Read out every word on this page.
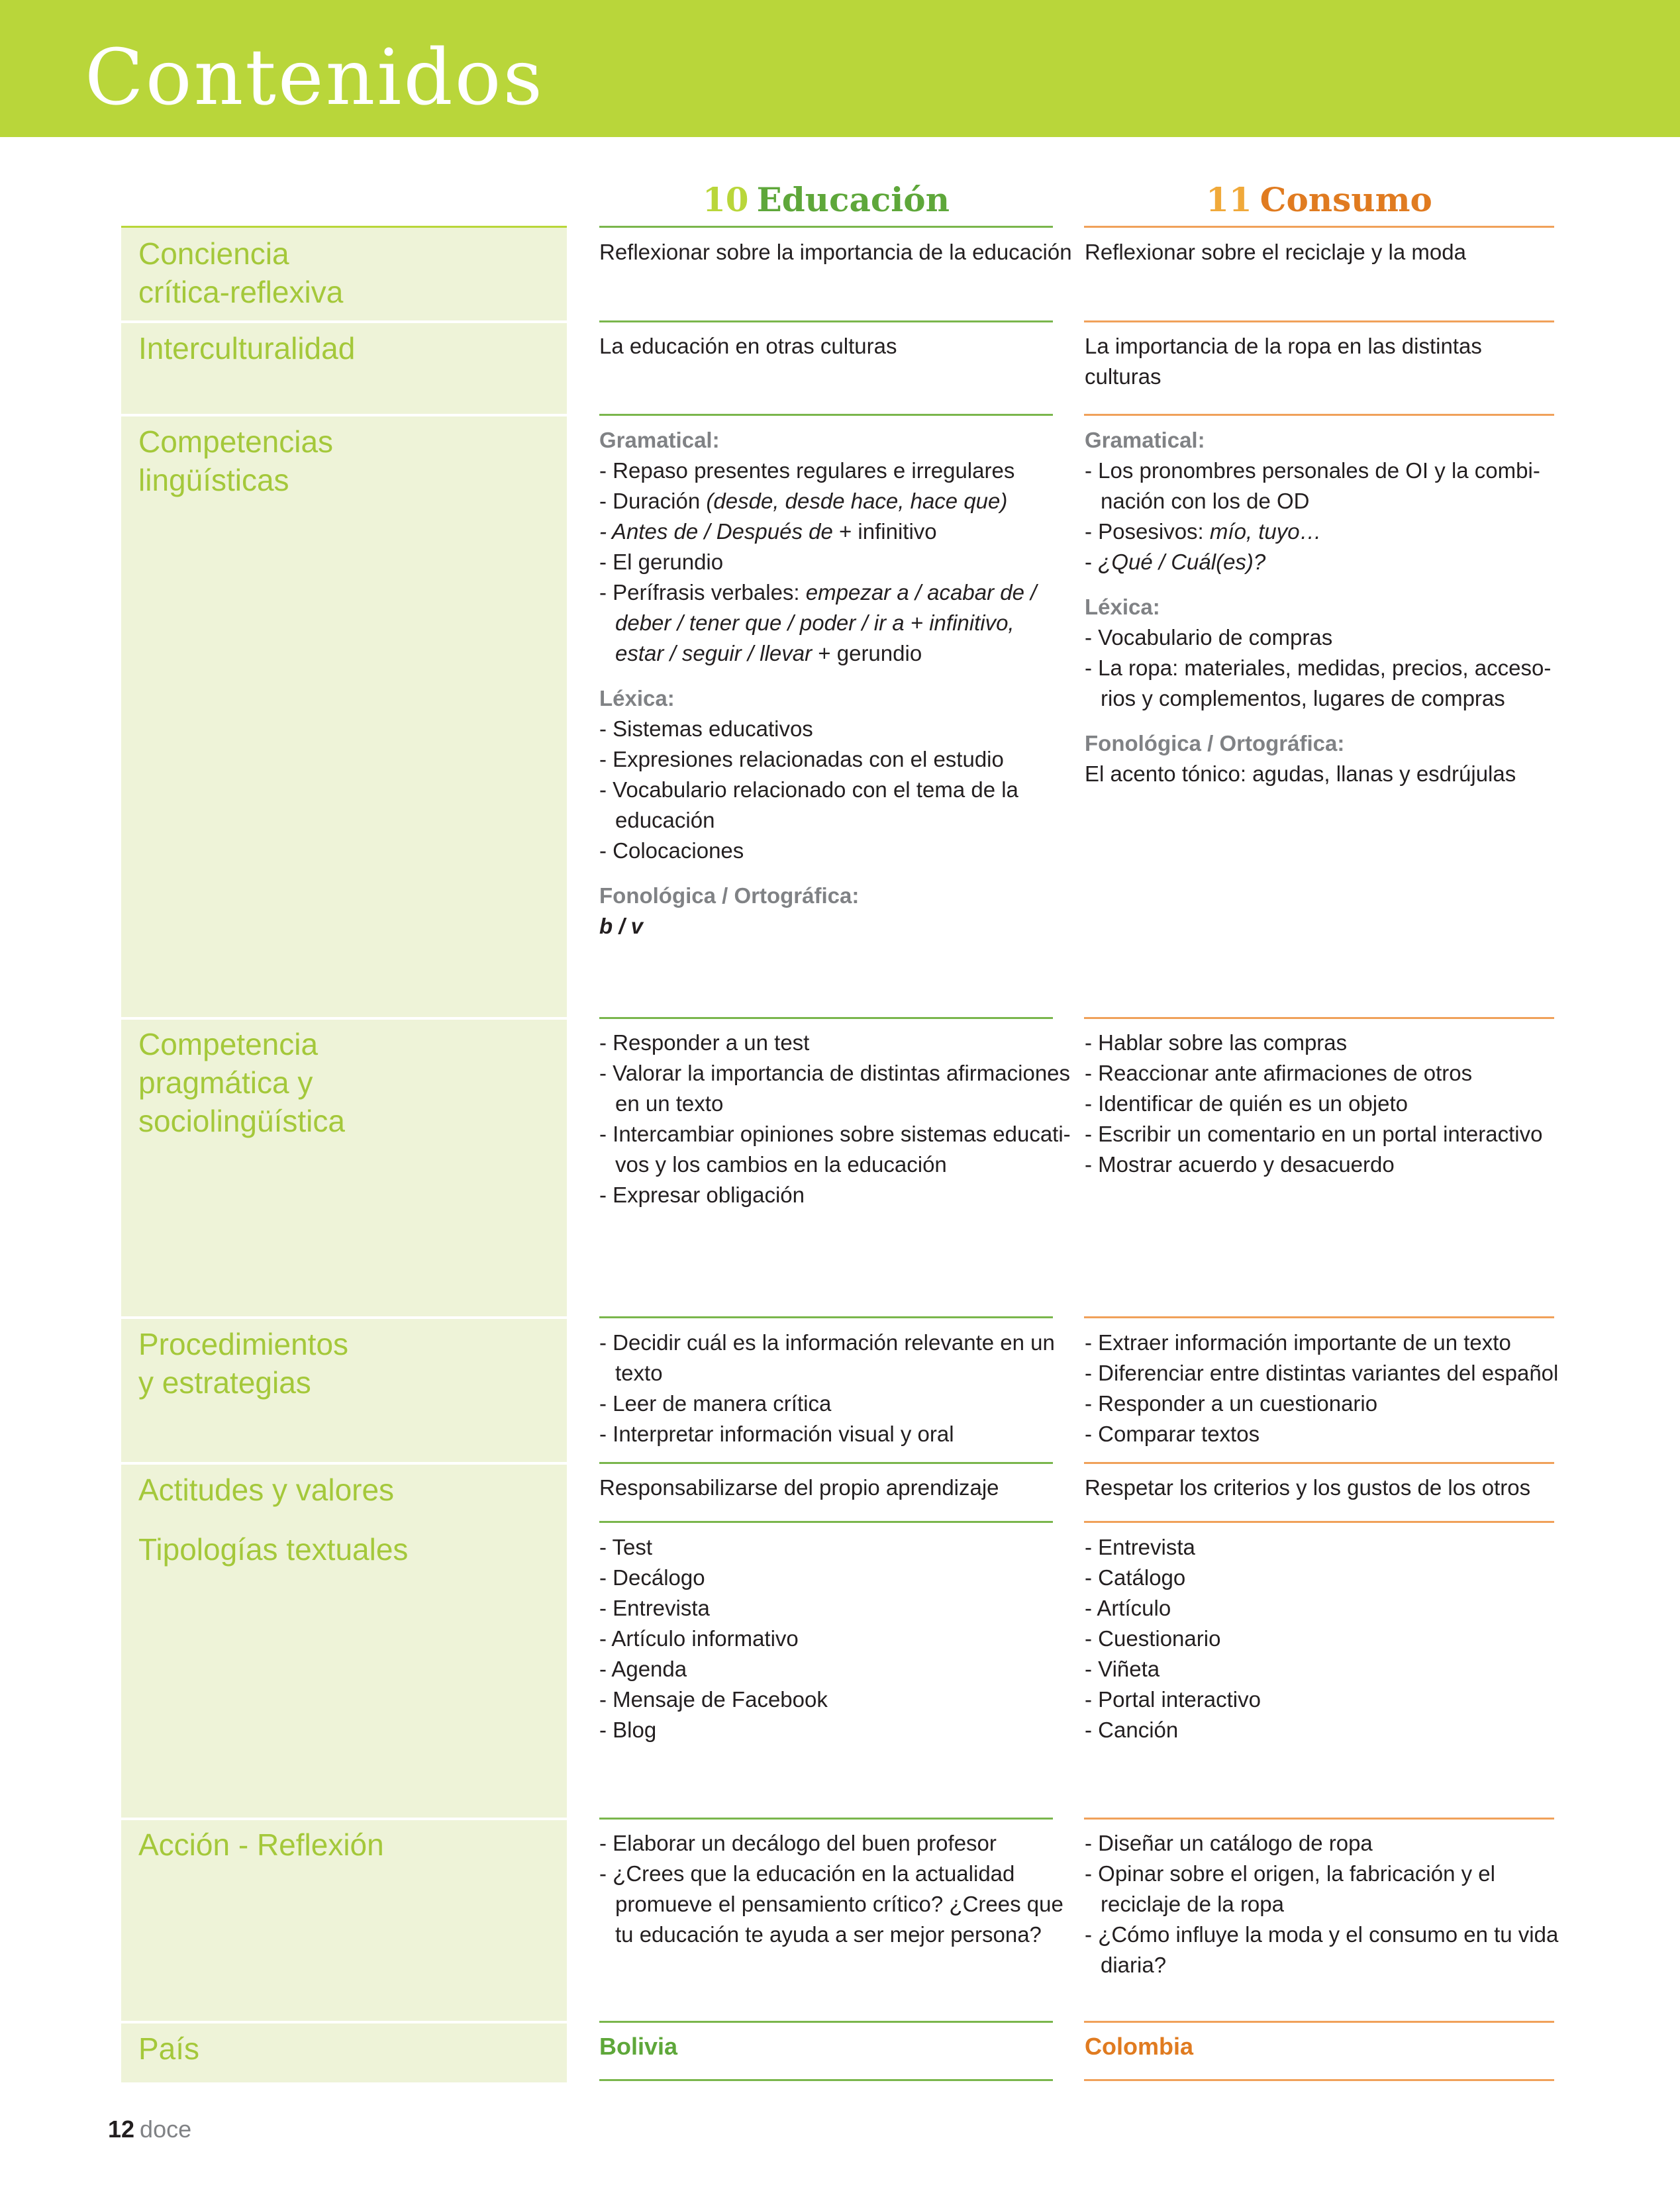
Contenidos
10 Educación	11 Consumo
Conciencia
crítica-reflexiva
Interculturalidad
Competencias
lingüísticas
Competencia
pragmática y
sociolingüística
Procedimientos
y estrategias
Actitudes y valores
Tipologías textuales
Acción - Reflexión
País
Reflexionar sobre la importancia de la educación
La educación en otras culturas
Gramatical:
- Repaso presentes regulares e irregulares
- Duración (desde, desde hace, hace que)
- Antes de / Después de + infinitivo
- El gerundio
- Perífrasis verbales: empezar a / acabar de /
deber / tener que / poder / ir a + infinitivo,
estar / seguir / llevar + gerundio
Léxica:
- Sistemas educativos
- Expresiones relacionadas con el estudio
- Vocabulario relacionado con el tema de la
educación
- Colocaciones
Fonológica / Ortográfica:
b / v
- Responder a un test
- Valorar la importancia de distintas afirmaciones
en un texto
- Intercambiar opiniones sobre sistemas educati-
vos y los cambios en la educación
- Expresar obligación
- Decidir cuál es la información relevante en un
texto
- Leer de manera crítica
- Interpretar información visual y oral
Responsabilizarse del propio aprendizaje
- Test
- Decálogo
- Entrevista
- Artículo informativo
- Agenda
- Mensaje de Facebook
- Blog
- Elaborar un decálogo del buen profesor
- ¿Crees que la educación en la actualidad
promueve el pensamiento crítico? ¿Crees que
tu educación te ayuda a ser mejor persona?
Bolivia
Reflexionar sobre el reciclaje y la moda
La importancia de la ropa en las distintas
culturas
Gramatical:
- Los pronombres personales de OI y la combi-
nación con los de OD
- Posesivos: mío, tuyo…
- ¿Qué / Cuál(es)?
Léxica:
- Vocabulario de compras
- La ropa: materiales, medidas, precios, acceso-
rios y complementos, lugares de compras
Fonológica / Ortográfica:
El acento tónico: agudas, llanas y esdrújulas
- Hablar sobre las compras
- Reaccionar ante afirmaciones de otros
- Identificar de quién es un objeto
- Escribir un comentario en un portal interactivo
- Mostrar acuerdo y desacuerdo
- Extraer información importante de un texto
- Diferenciar entre distintas variantes del español
- Responder a un cuestionario
- Comparar textos
Respetar los criterios y los gustos de los otros
- Entrevista
- Catálogo
- Artículo
- Cuestionario
- Viñeta
- Portal interactivo
- Canción
- Diseñar un catálogo de ropa
- Opinar sobre el origen, la fabricación y el
reciclaje de la ropa
- ¿Cómo influye la moda y el consumo en tu vida
diaria?
Colombia
12 doce
